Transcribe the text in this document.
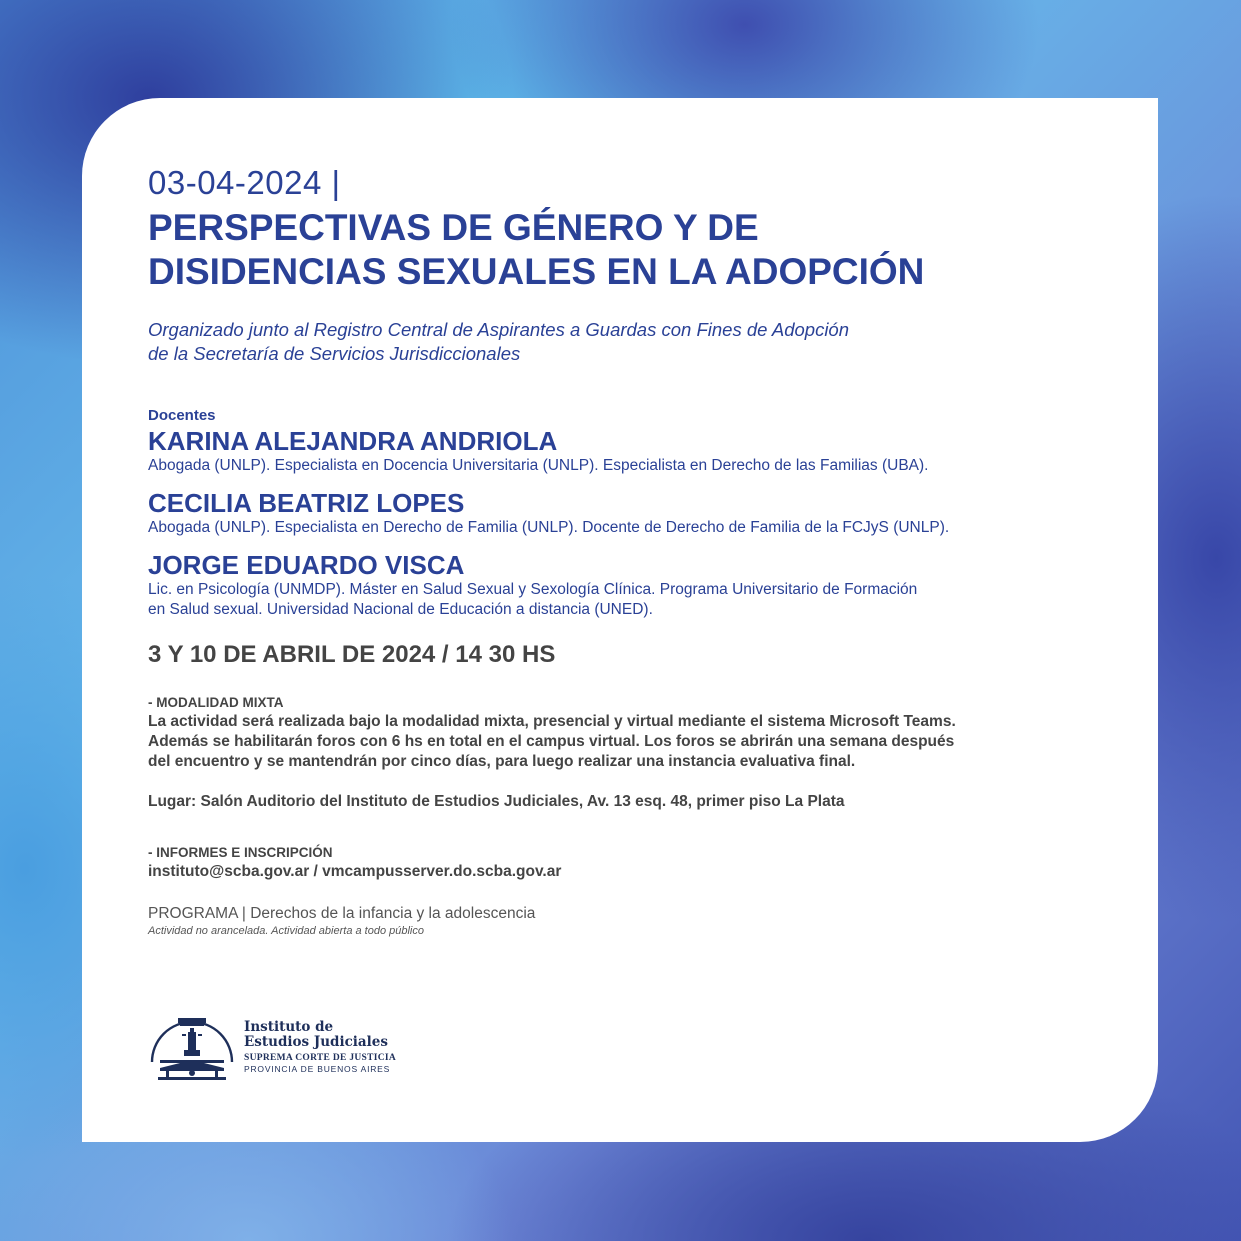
03-04-2024 |
PERSPECTIVAS DE GÉNERO Y DE
DISIDENCIAS SEXUALES EN LA ADOPCIÓN
Organizado junto al Registro Central de Aspirantes a Guardas con Fines de Adopción
de la Secretaría de Servicios Jurisdiccionales
Docentes
KARINA ALEJANDRA ANDRIOLA
Abogada (UNLP). Especialista en Docencia Universitaria (UNLP). Especialista en Derecho de las Familias (UBA).
CECILIA BEATRIZ LOPES
Abogada (UNLP). Especialista en Derecho de Familia (UNLP). Docente de Derecho de Familia de la FCJyS (UNLP).
JORGE EDUARDO VISCA
Lic. en Psicología (UNMDP). Máster en Salud Sexual y Sexología Clínica. Programa Universitario de Formación
en Salud sexual. Universidad Nacional de Educación a distancia (UNED).
3 Y 10 DE ABRIL DE 2024 / 14 30 HS
- MODALIDAD MIXTA
La actividad será realizada bajo la modalidad mixta, presencial y virtual mediante el sistema Microsoft Teams.
Además se habilitarán foros con 6 hs en total en el campus virtual. Los foros se abrirán una semana después
del encuentro y se mantendrán por cinco días, para luego realizar una instancia evaluativa final.
Lugar: Salón Auditorio del Instituto de Estudios Judiciales, Av. 13 esq. 48, primer piso La Plata
- INFORMES E INSCRIPCIÓN
instituto@scba.gov.ar / vmcampusserver.do.scba.gov.ar
PROGRAMA | Derechos de la infancia y la adolescencia
Actividad no arancelada. Actividad abierta a todo público
Instituto de
Estudios Judiciales
SUPREMA CORTE DE JUSTICIA
PROVINCIA DE BUENOS AIRES
